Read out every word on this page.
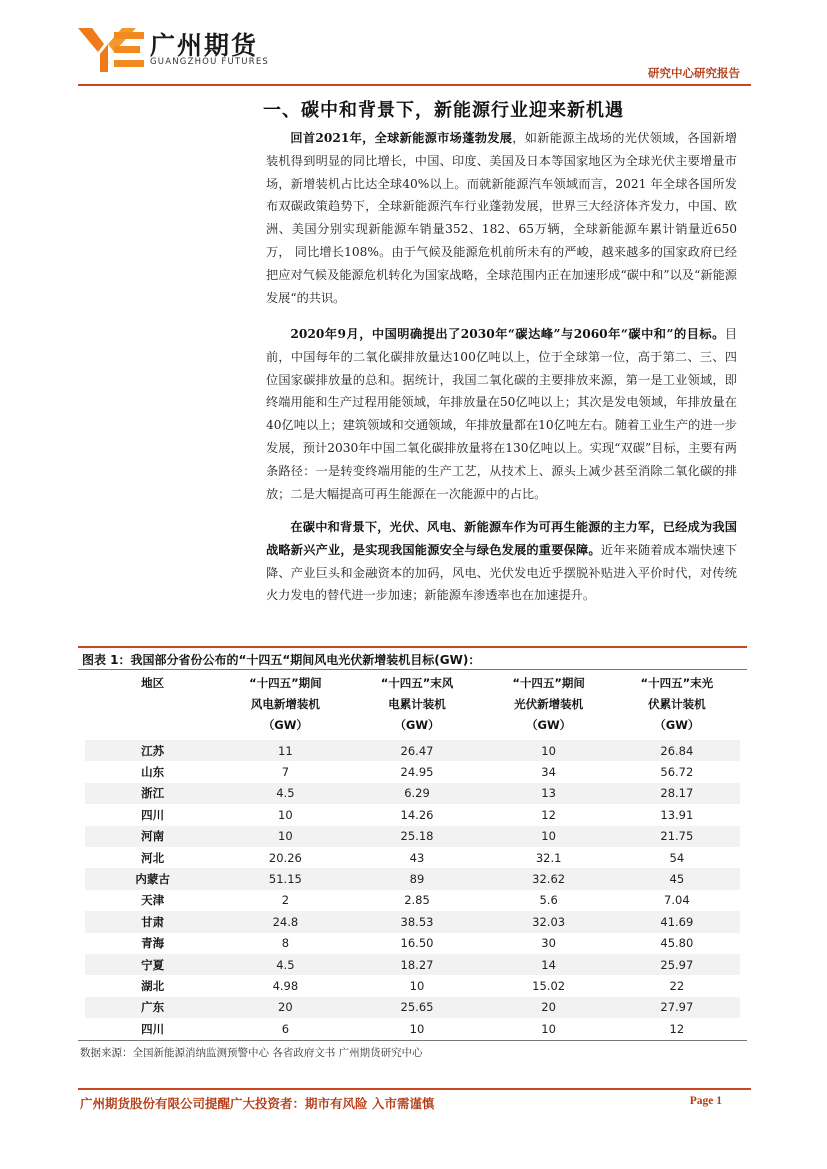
广州期货
GUANGZHOU FUTURES
研究中心研究报告
一、碳中和背景下，新能源行业迎来新机遇

回首2021年，全球新能源市场蓬勃发展，如新能源主战场的光伏领域，各国新增装机得到明显的同比增长，中国、印度、美国及日本等国家地区为全球光伏主要增量市场，新增装机占比达全球40%以上。而就新能源汽车领域而言，2021 年全球各国所发布双碳政策趋势下，全球新能源汽车行业蓬勃发展，世界三大经济体齐发力，中国、欧洲、美国分别实现新能源车销量352、182、65万辆，全球新能源车累计销量近650万， 同比增长108%。由于气候及能源危机前所未有的严峻，越来越多的国家政府已经把应对气候及能源危机转化为国家战略，全球范围内正在加速形成“碳中和”以及“新能源发展“的共识。

2020年9月，中国明确提出了2030年“碳达峰”与2060年“碳中和”的目标。目前，中国每年的二氧化碳排放量达100亿吨以上，位于全球第一位，高于第二、三、四位国家碳排放量的总和。据统计，我国二氧化碳的主要排放来源，第一是工业领域，即终端用能和生产过程用能领域，年排放量在50亿吨以上；其次是发电领域，年排放量在40亿吨以上；建筑领域和交通领域，年排放量都在10亿吨左右。随着工业生产的进一步发展，预计2030年中国二氧化碳排放量将在130亿吨以上。实现“双碳”目标，主要有两条路径：一是转变终端用能的生产工艺，从技术上、源头上减少甚至消除二氧化碳的排放；二是大幅提高可再生能源在一次能源中的占比。

在碳中和背景下，光伏、风电、新能源车作为可再生能源的主力军，已经成为我国战略新兴产业，是实现我国能源安全与绿色发展的重要保障。近年来随着成本端快速下降、产业巨头和金融资本的加码，风电、光伏发电近乎摆脱补贴进入平价时代，对传统火力发电的替代进一步加速；新能源车渗透率也在加速提升。

图表 1：我国部分省份公布的“十四五“期间风电光伏新增装机目标(GW)：
地区	“十四五”期间
风电新增装机
（GW）	“十四五”末风
电累计装机
（GW）	“十四五”期间
光伏新增装机
（GW）	“十四五”末光
伏累计装机
（GW）
江苏	11	26.47	10	26.84
山东	7	24.95	34	56.72
浙江	4.5	6.29	13	28.17
四川	10	14.26	12	13.91
河南	10	25.18	10	21.75
河北	20.26	43	32.1	54
内蒙古	51.15	89	32.62	45
天津	2	2.85	5.6	7.04
甘肃	24.8	38.53	32.03	41.69
青海	8	16.50	30	45.80
宁夏	4.5	18.27	14	25.97
湖北	4.98	10	15.02	22
广东	20	25.65	20	27.97
四川	6	10	10	12
数据来源：全国新能源消纳监测预警中心 各省政府文书 广州期货研究中心
广州期货股份有限公司提醒广大投资者：期市有风险 入市需谨慎	Page 1
